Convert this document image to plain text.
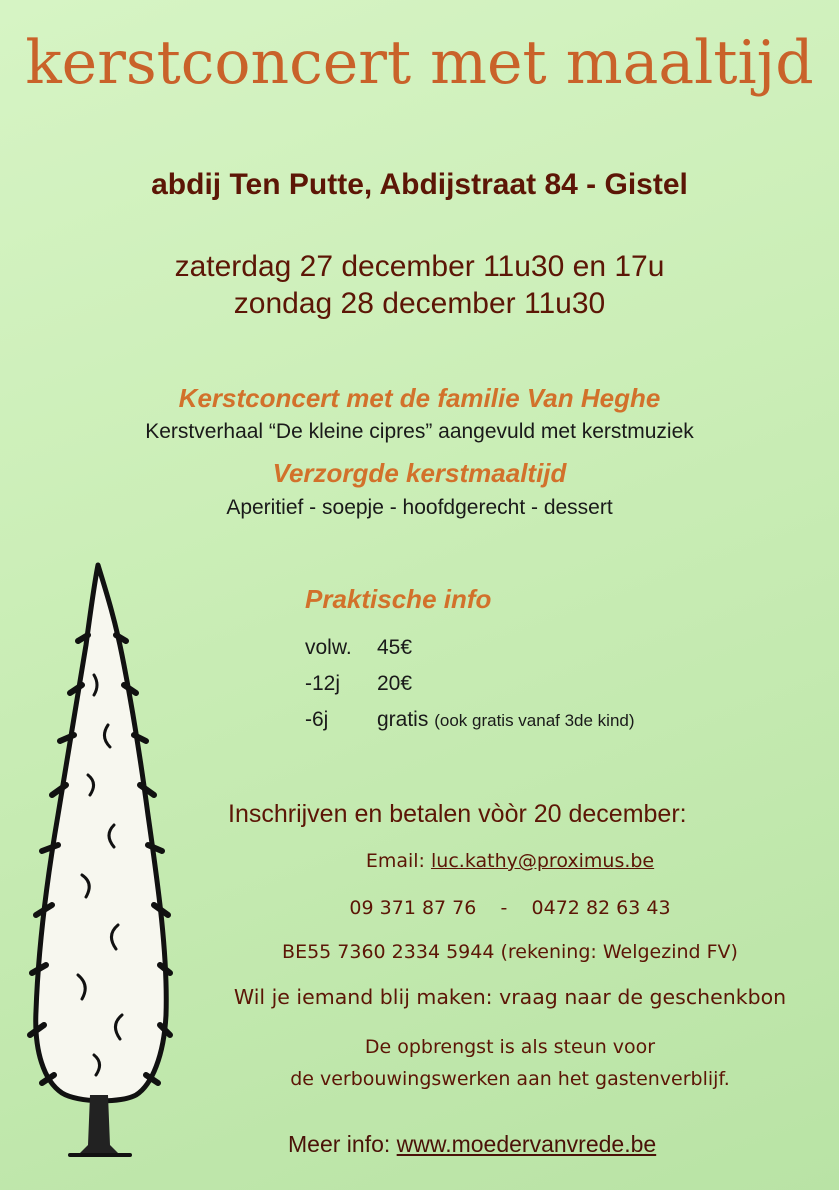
kerstconcert met maaltijd
abdij Ten Putte, Abdijstraat 84 - Gistel
zaterdag 27 december 11u30 en 17u
zondag 28 december 11u30
Kerstconcert met de familie Van Heghe
Kerstverhaal “De kleine cipres” aangevuld met kerstmuziek
Verzorgde kerstmaaltijd
Aperitief - soepje - hoofdgerecht - dessert
Praktische info
volw. 45€
-12j 20€
-6j gratis (ook gratis vanaf 3de kind)
Inschrijven en betalen vòòr 20 december:
Email: luc.kathy@proximus.be
09 371 87 76 - 0472 82 63 43
BE55 7360 2334 5944 (rekening: Welgezind FV)
Wil je iemand blij maken: vraag naar de geschenkbon
De opbrengst is als steun voor
de verbouwingswerken aan het gastenverblijf.
Meer info: www.moedervanvrede.be
